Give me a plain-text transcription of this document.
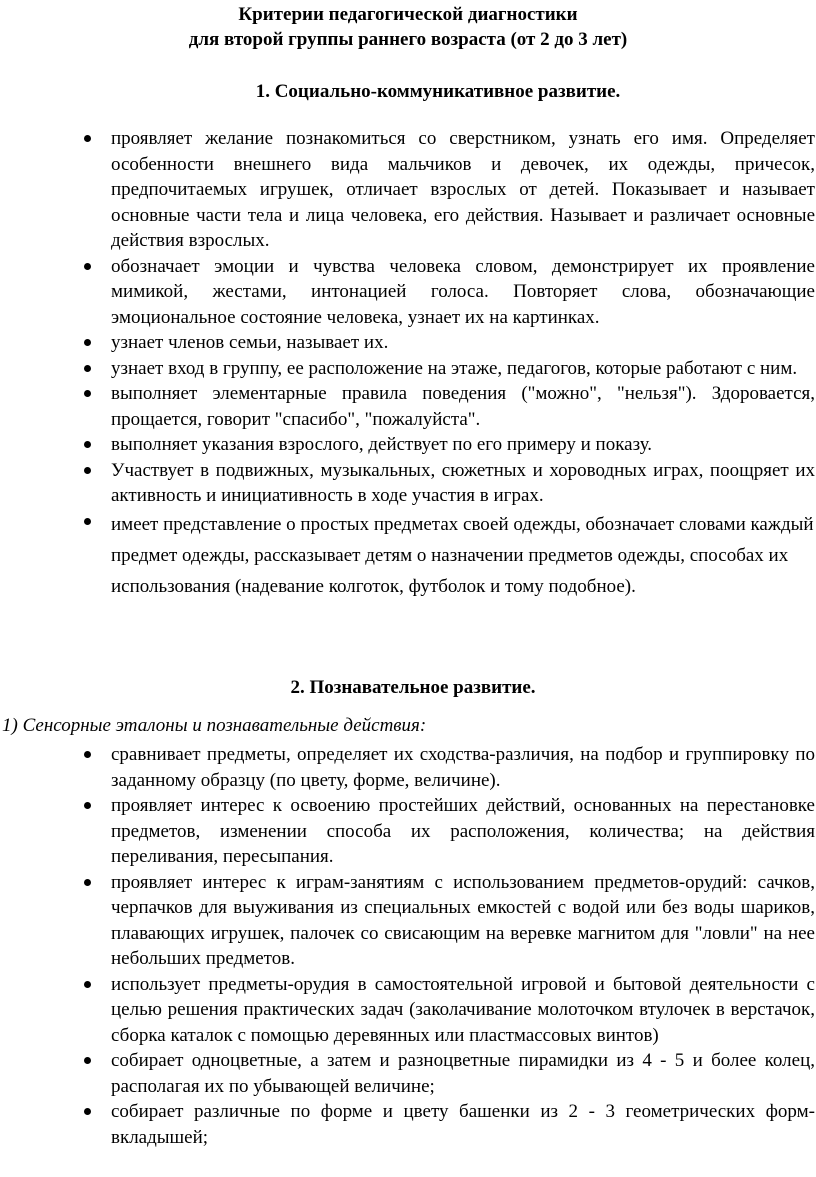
Критерии педагогической диагностики
для второй группы раннего возраста (от 2 до 3 лет)
1. Социально-коммуникативное развитие.
проявляет желание познакомиться со сверстником, узнать его имя. Определяет особенности внешнего вида мальчиков и девочек, их одежды, причесок, предпочитаемых игрушек, отличает взрослых от детей. Показывает и называет основные части тела и лица человека, его действия. Называет и различает основные действия взрослых.
обозначает эмоции и чувства человека словом, демонстрирует их проявление мимикой, жестами, интонацией голоса. Повторяет слова, обозначающие эмоциональное состояние человека, узнает их на картинках.
узнает членов семьи, называет их.
узнает вход в группу, ее расположение на этаже, педагогов, которые работают с ним.
выполняет элементарные правила поведения ("можно", "нельзя"). Здоровается, прощается, говорит "спасибо", "пожалуйста".
выполняет указания взрослого, действует по его примеру и показу.
Участвует в подвижных, музыкальных, сюжетных и хороводных играх, поощряет их активность и инициативность в ходе участия в играх.
имеет представление о простых предметах своей одежды, обозначает словами каждый предмет одежды, рассказывает детям о назначении предметов одежды, способах их использования (надевание колготок, футболок и тому подобное).
2. Познавательное развитие.

1) Сенсорные эталоны и познавательные действия:

сравнивает предметы, определяет их сходства-различия, на подбор и группировку по заданному образцу (по цвету, форме, величине).
проявляет интерес к освоению простейших действий, основанных на перестановке предметов, изменении способа их расположения, количества; на действия переливания, пересыпания.
проявляет интерес к играм-занятиям с использованием предметов-орудий: сачков, черпачков для выуживания из специальных емкостей с водой или без воды шариков, плавающих игрушек, палочек со свисающим на веревке магнитом для "ловли" на нее небольших предметов.
использует предметы-орудия в самостоятельной игровой и бытовой деятельности с целью решения практических задач (заколачивание молоточком втулочек в верстачок, сборка каталок с помощью деревянных или пластмассовых винтов)
собирает одноцветные, а затем и разноцветные пирамидки из 4 - 5 и более колец, располагая их по убывающей величине;
собирает различные по форме и цвету башенки из 2 - 3 геометрических форм-вкладышей;
